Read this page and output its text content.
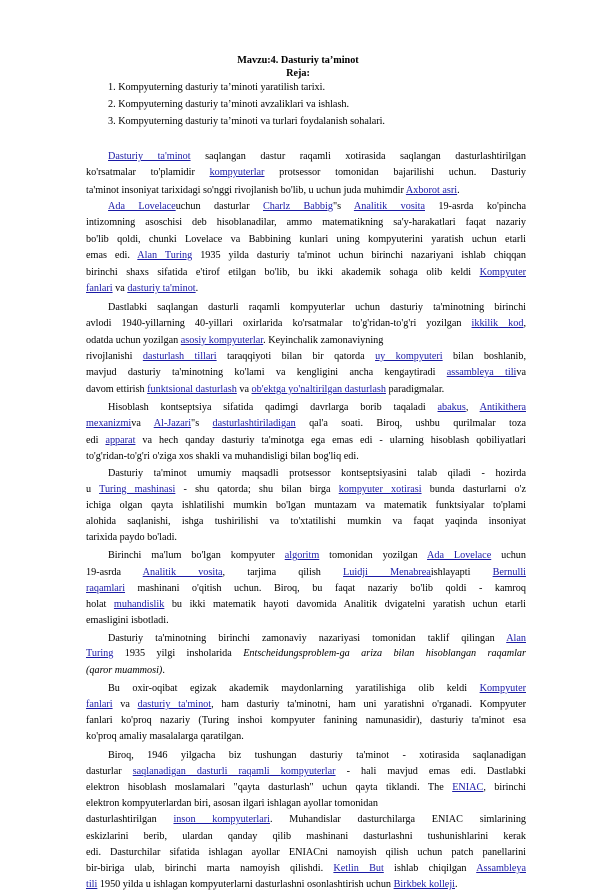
Mavzu:4. Dasturiy ta’minot
Reja:
1. Kompyuterning dasturiy ta’minoti yaratilish tarixi.
2. Kompyuterning dasturiy ta’minoti avzaliklari va ishlash.
3. Kompyuterning dasturiy ta’minoti va turlari foydalanish sohalari.
Dasturiy ta'minot saqlangan dastur raqamli xotirasida saqlangan dasturlashtirilgan
ko'rsatmalar to'plamidir kompyuterlar protsessor tomonidan bajarilishi uchun. Dasturiy
ta'minot insoniyat tarixidagi so'nggi rivojlanish bo'lib, u uchun juda muhimdir Axborot asri.
Ada Lovelaceuchun dasturlar Charlz Babbig"s Analitik vosita 19-asrda ko'pincha
intizomning asoschisi deb hisoblanadilar, ammo matematikning sa'y-harakatlari faqat nazariy
bo'lib qoldi, chunki Lovelace va Babbining kunlari uning kompyuterini yaratish uchun etarli
emas edi. Alan Turing 1935 yilda dasturiy ta'minot uchun birinchi nazariyani ishlab chiqqan
birinchi shaxs sifatida e'tirof etilgan bo'lib, bu ikki akademik sohaga olib keldi Kompyuter
fanlari va dasturiy ta'minot.
Dastlabki saqlangan dasturli raqamli kompyuterlar uchun dasturiy ta'minotning birinchi
avlodi 1940-yillarning 40-yillari oxirlarida ko'rsatmalar to'g'ridan-to'g'ri yozilgan ikkilik kod,
odatda uchun yozilgan asosiy kompyuterlar. Keyinchalik zamonaviyning
rivojlanishi dasturlash tillari taraqqiyoti bilan bir qatorda uy kompyuteri bilan boshlanib,
mavjud dasturiy ta'minotning ko'lami va kengligini ancha kengaytiradi assambleya tiliva
davom ettirish funktsional dasturlash va ob'ektga yo'naltirilgan dasturlash paradigmalar.
Hisoblash kontseptsiya sifatida qadimgi davrlarga borib taqaladi abakus, Antikithera
mexanizmiva Al-Jazari"s dasturlashtiriladigan qal'a soati. Biroq, ushbu qurilmalar toza
edi apparat va hech qanday dasturiy ta'minotga ega emas edi - ularning hisoblash qobiliyatlari
to'g'ridan-to'g'ri o'ziga xos shakli va muhandisligi bilan bog'liq edi.
Dasturiy ta'minot umumiy maqsadli protsessor kontseptsiyasini talab qiladi - hozirda
u Turing mashinasi - shu qatorda; shu bilan birga kompyuter xotirasi bunda dasturlarni o'z
ichiga olgan qayta ishlatilishi mumkin bo'lgan muntazam va matematik funktsiyalar to'plami
alohida saqlanishi, ishga tushirilishi va to'xtatilishi mumkin va faqat yaqinda insoniyat
tarixida paydo bo'ladi.
Birinchi ma'lum bo'lgan kompyuter algoritm tomonidan yozilgan Ada Lovelace uchun
19-asrda Analitik vosita, tarjima qilish Luidji Menabreaishlayapti Bernulli
raqamlari mashinani o'qitish uchun. Biroq, bu faqat nazariy bo'lib qoldi - kamroq
holat muhandislik bu ikki matematik hayoti davomida Analitik dvigatelni yaratish uchun etarli
emasligini isbotladi.
Dasturiy ta'minotning birinchi zamonaviy nazariyasi tomonidan taklif qilingan Alan
Turing 1935 yilgi insholarida Entscheidungsproblem-ga ariza bilan hisoblangan raqamlar
(qaror muammosi).
Bu oxir-oqibat egizak akademik maydonlarning yaratilishiga olib keldi Kompyuter
fanlari va dasturiy ta'minot, ham dasturiy ta'minotni, ham uni yaratishni o'rganadi. Kompyuter
fanlari ko'proq nazariy (Turing inshoi kompyuter fanining namunasidir), dasturiy ta'minot esa
ko'proq amaliy masalalarga qaratilgan.
Biroq, 1946 yilgacha biz tushungan dasturiy ta'minot - xotirasida saqlanadigan
dasturlar saqlanadigan dasturli raqamli kompyuterlar - hali mavjud emas edi. Dastlabki
elektron hisoblash moslamalari "qayta dasturlash" uchun qayta tiklandi. The ENIAC, birinchi
elektron kompyuterlardan biri, asosan ilgari ishlagan ayollar tomonidan
dasturlashtirilgan inson kompyuterlari. Muhandislar dasturchilarga ENIAC simlarining
eskizlarini berib, ulardan qanday qilib mashinani dasturlashni tushunishlarini kerak
edi. Dasturchilar sifatida ishlagan ayollar ENIACni namoyish qilish uchun patch panellarini
bir-biriga ulab, birinchi marta namoyish qilishdi. Ketlin But ishlab chiqilgan Assambleya
tili 1950 yilda u ishlagan kompyuterlarni dasturlashni osonlashtirish uchun Birkbek kolleji.
